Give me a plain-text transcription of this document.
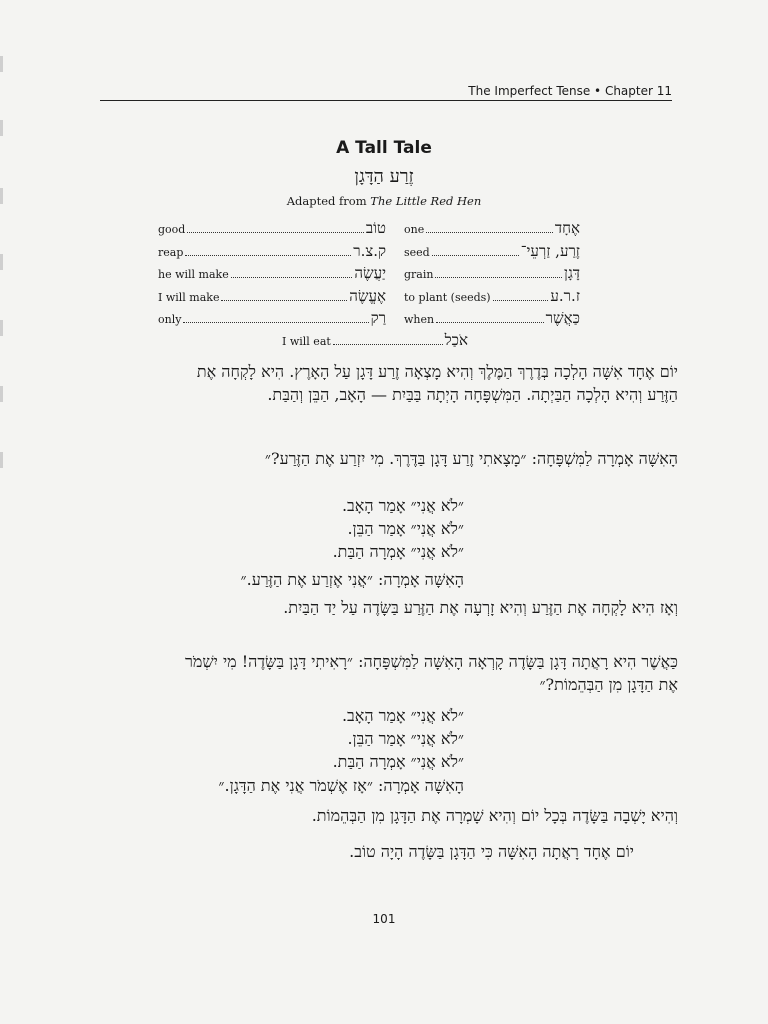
The Imperfect Tense • Chapter 11
A Tall Tale
זֶרַע הַדָּגָן
Adapted from The Little Red Hen
good	טוֹב
reap	ק.צ.ר
he will make	יַעֲשֶׂה
I will make	אֶעֱשֶׂה
only	רַק
one	אֶחָד
seed	זֶרַע, זַרְעֵי־
grain	דָּגָן
to plant (seeds)	ז.ר.ע
when	כַּאֲשֶׁר
I will eat	אֹכַל
יוֹם אֶחָד אִשָּׁה הָלְכָה בְּדֶרֶךְ הַמֶּלֶךְ וְהִיא מָצְאָה זֶרַע דָּגָן עַל הָאָרֶץ. הִיא לָקְחָה אֶת הַזֶּרַע וְהִיא הָלְכָה הַבַּיְתָה. הַמִּשְׁפָּחָה הָיְתָה בַּבַּיִת — הָאָב, הַבֵּן וְהַבַּת.
הָאִשָּׁה אָמְרָה לַמִּשְׁפָּחָה: ״מָצָאתִי זֶרַע דָּגָן בַּדֶּרֶךְ. מִי יִזְרַע אֶת הַזֶּרַע?״
״לֹא אֲנִי״ אָמַר הָאָב.
״לֹא אֲנִי״ אָמַר הַבֵּן.
״לֹא אֲנִי״ אָמְרָה הַבַּת.
הָאִשָּׁה אָמְרָה: ״אֲנִי אֶזְרַע אֶת הַזֶּרַע.״
וְאָז הִיא לָקְחָה אֶת הַזֶּרַע וְהִיא זָרְעָה אֶת הַזֶּרַע בַּשָּׂדֶה עַל יַד הַבַּיִת.
כַּאֲשֶׁר הִיא רָאֲתָה דָּגָן בַּשָּׂדֶה קָרְאָה הָאִשָּׁה לַמִּשְׁפָּחָה: ״רָאִיתִי דָּגָן בַּשָּׂדֶה! מִי יִשְׁמֹר אֶת הַדָּגָן מִן הַבְּהֵמוֹת?״
״לֹא אֲנִי״ אָמַר הָאָב.
״לֹא אֲנִי״ אָמַר הַבֵּן.
״לֹא אֲנִי״ אָמְרָה הַבַּת.
הָאִשָּׁה אָמְרָה: ״אָז אֶשְׁמֹר אֲנִי אֶת הַדָּגָן.״
וְהִיא יָשְׁבָה בַּשָּׂדֶה בְּכָל יוֹם וְהִיא שָׁמְרָה אֶת הַדָּגָן מִן הַבְּהֵמוֹת.
יוֹם אֶחָד רָאֲתָה הָאִשָּׁה כִּי הַדָּגָן בַּשָּׂדֶה הָיָה טוֹב.
101
